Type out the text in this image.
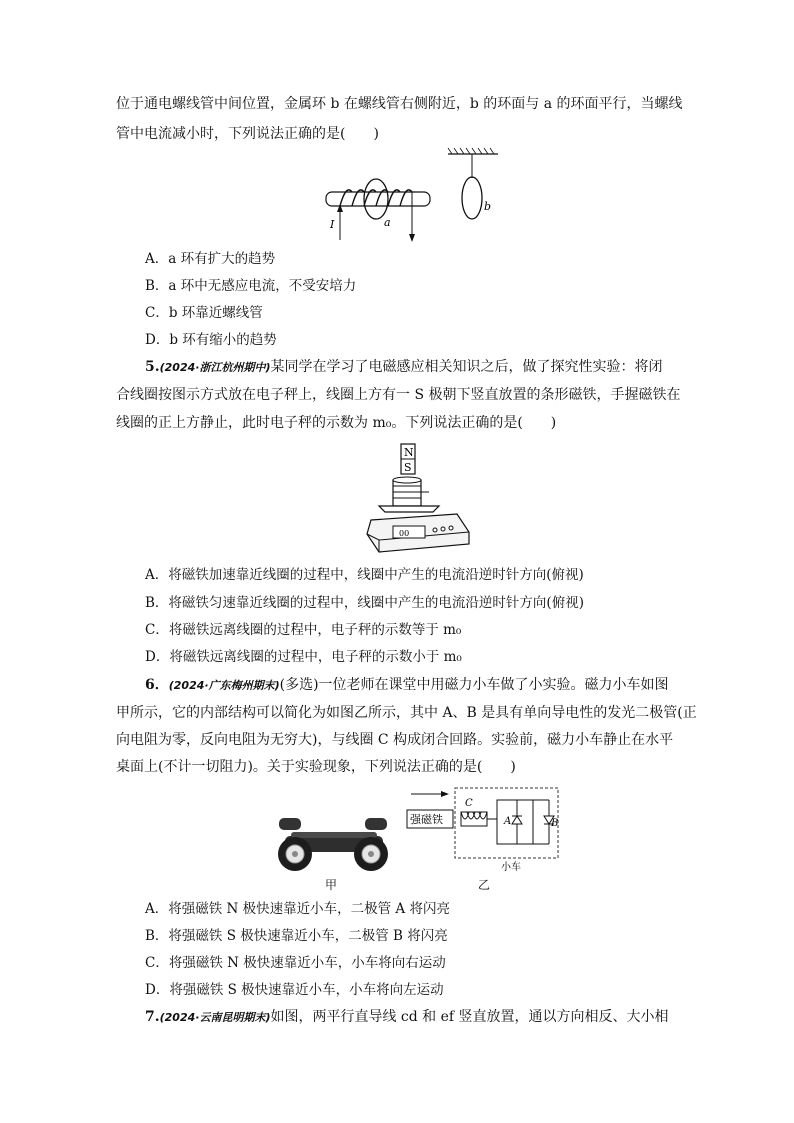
位于通电螺线管中间位置，金属环 b 在螺线管右侧附近，b 的环面与 a 的环面平行，当螺线
管中电流减小时，下列说法正确的是(　　)
I	a
b
A．a 环有扩大的趋势
B．a 环中无感应电流，不受安培力
C．b 环靠近螺线管
D．b 环有缩小的趋势
5.(2024·浙江杭州期中)某同学在学习了电磁感应相关知识之后，做了探究性实验：将闭
合线圈按图示方式放在电子秤上，线圈上方有一 S 极朝下竖直放置的条形磁铁，手握磁铁在
线圈的正上方静止，此时电子秤的示数为 m₀。下列说法正确的是(　　)
N
S
00
A．将磁铁加速靠近线圈的过程中，线圈中产生的电流沿逆时针方向(俯视)
B．将磁铁匀速靠近线圈的过程中，线圈中产生的电流沿逆时针方向(俯视)
C．将磁铁远离线圈的过程中，电子秤的示数等于 m₀
D．将磁铁远离线圈的过程中，电子秤的示数小于 m₀
6．(2024·广东梅州期末)(多选)一位老师在课堂中用磁力小车做了小实验。磁力小车如图
甲所示，它的内部结构可以简化为如图乙所示，其中 A、B 是具有单向导电性的发光二极管(正
向电阻为零，反向电阻为无穷大)，与线圈 C 构成闭合回路。实验前，磁力小车静止在水平
桌面上(不计一切阻力)。关于实验现象，下列说法正确的是(　　)
甲
强磁铁
C
A	B
小车
乙
A．将强磁铁 N 极快速靠近小车，二极管 A 将闪亮
B．将强磁铁 S 极快速靠近小车，二极管 B 将闪亮
C．将强磁铁 N 极快速靠近小车，小车将向右运动
D．将强磁铁 S 极快速靠近小车，小车将向左运动
7.(2024·云南昆明期末)如图，两平行直导线 cd 和 ef 竖直放置，通以方向相反、大小相
